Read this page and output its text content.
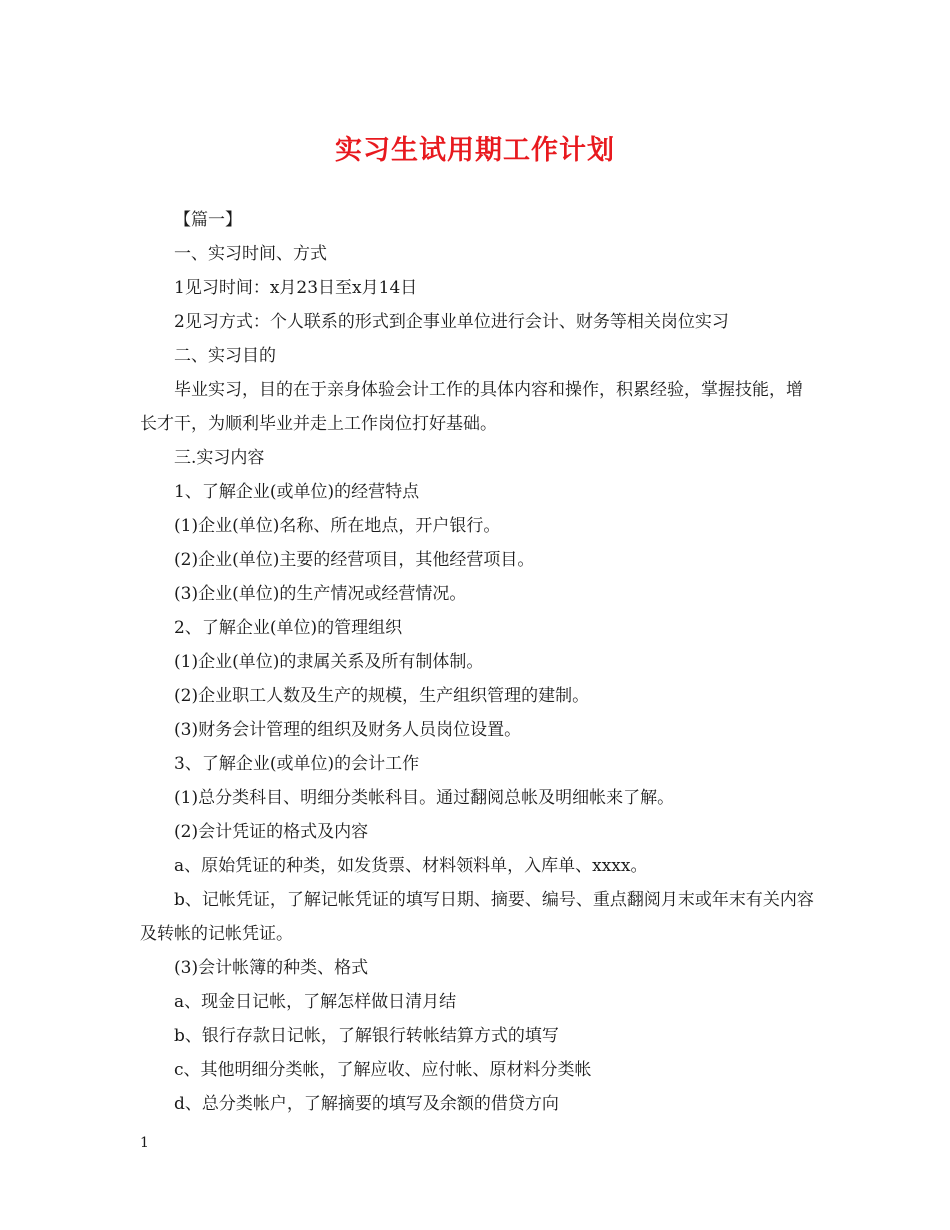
实习生试用期工作计划

【篇一】

一、实习时间、方式

1见习时间：x月23日至x月14日

2见习方式：个人联系的形式到企事业单位进行会计、财务等相关岗位实习

二、实习目的

毕业实习，目的在于亲身体验会计工作的具体内容和操作，积累经验，掌握技能，增长才干，为顺利毕业并走上工作岗位打好基础。

三.实习内容

1、了解企业(或单位)的经营特点

(1)企业(单位)名称、所在地点，开户银行。

(2)企业(单位)主要的经营项目，其他经营项目。

(3)企业(单位)的生产情况或经营情况。

2、了解企业(单位)的管理组织

(1)企业(单位)的隶属关系及所有制体制。

(2)企业职工人数及生产的规模，生产组织管理的建制。

(3)财务会计管理的组织及财务人员岗位设置。

3、了解企业(或单位)的会计工作

(1)总分类科目、明细分类帐科目。通过翻阅总帐及明细帐来了解。

(2)会计凭证的格式及内容

a、原始凭证的种类，如发货票、材料领料单，入库单、xxxx。

b、记帐凭证，了解记帐凭证的填写日期、摘要、编号、重点翻阅月末或年末有关内容及转帐的记帐凭证。

(3)会计帐簿的种类、格式

a、现金日记帐，了解怎样做日清月结

b、银行存款日记帐，了解银行转帐结算方式的填写

c、其他明细分类帐，了解应收、应付帐、原材料分类帐

d、总分类帐户，了解摘要的填写及余额的借贷方向

1
